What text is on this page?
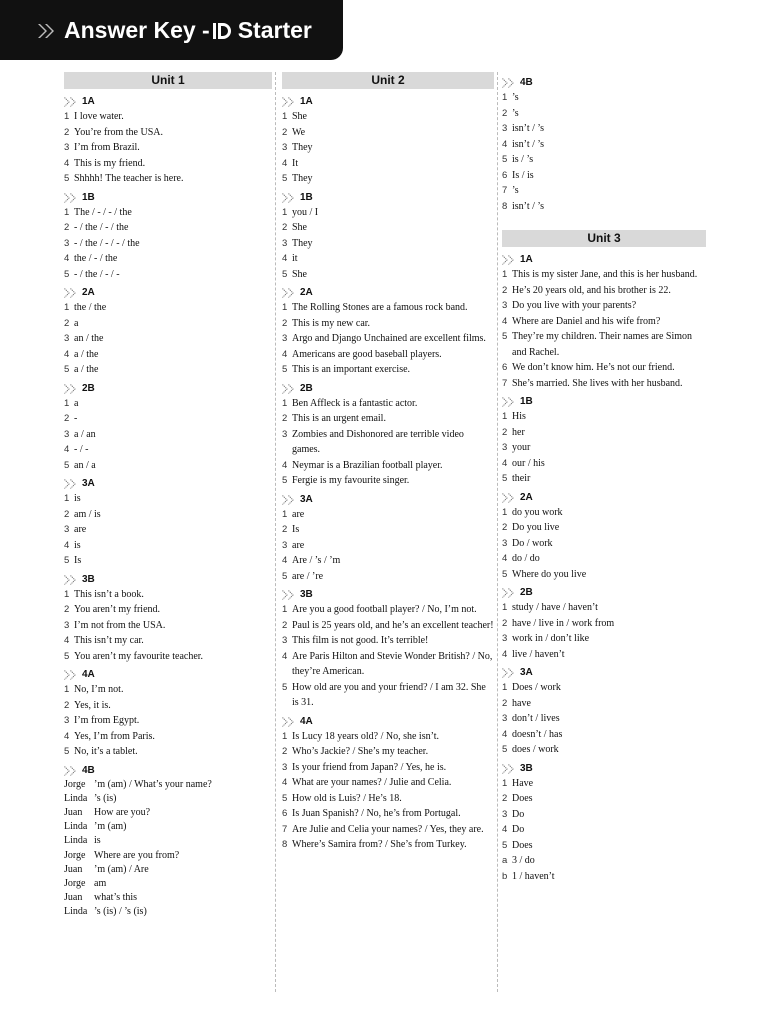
Answer Key - Starter
Unit 1
1A
1 I love water.
2 You’re from the USA.
3 I’m from Brazil.
4 This is my friend.
5 Shhhh! The teacher is here.
1B
1 The / - / - / the
2 - / the / - / the
3 - / the / - / - / the
4 the / - / the
5 - / the / - / -
2A
1 the / the
2 a
3 an / the
4 a / the
5 a / the
2B
1 a
2 -
3 a / an
4 - / -
5 an / a
3A
1 is
2 am / is
3 are
4 is
5 Is
3B
1 This isn’t a book.
2 You aren’t my friend.
3 I’m not from the USA.
4 This isn’t my car.
5 You aren’t my favourite teacher.
4A
1 No, I’m not.
2 Yes, it is.
3 I’m from Egypt.
4 Yes, I’m from Paris.
5 No, it’s a tablet.
4B
Jorge ’m (am) / What’s your name?
Linda ’s (is)
Juan	How are you?
Linda ’m (am)
Linda is
Jorge Where are you from?
Juan	’m (am) / Are
Jorge am
Juan	what’s this
Linda ’s (is) / ’s (is)
Unit 2
1A
1 She
2 We
3 They
4 It
5 They
1B
1 you / I
2 She
3 They
4 it
5 She
2A
1 The Rolling Stones are a famous rock band.
2 This is my new car.
3 Argo and Django Unchained are excellent films.
4 Americans are good baseball players.
5 This is an important exercise.
2B
1 Ben Affleck is a fantastic actor.
2 This is an urgent email.
3 Zombies and Dishonored are terrible video games.
4 Neymar is a Brazilian football player.
5 Fergie is my favourite singer.
3A
1 are
2 Is
3 are
4 Are / ’s / ’m
5 are / ’re
3B
1 Are you a good football player? / No, I’m not.
2 Paul is 25 years old, and he’s an excellent teacher!
3 This film is not good. It’s terrible!
4 Are Paris Hilton and Stevie Wonder British? / No, they’re American.
5 How old are you and your friend? / I am 32. She is 31.
4A
1 Is Lucy 18 years old? / No, she isn’t.
2 Who’s Jackie? / She’s my teacher.
3 Is your friend from Japan? / Yes, he is.
4 What are your names? / Julie and Celia.
5 How old is Luis? / He’s 18.
6 Is Juan Spanish? / No, he’s from Portugal.
7 Are Julie and Celia your names? / Yes, they are.
8 Where’s Samira from? / She’s from Turkey.
4B
1 ’s
2 ’s
3 isn’t / ’s
4 isn’t / ’s
5 is / ’s
6 Is / is
7 ’s
8 isn’t / ’s
Unit 3
1A
1 This is my sister Jane, and this is her husband.
2 He’s 20 years old, and his brother is 22.
3 Do you live with your parents?
4 Where are Daniel and his wife from?
5 They’re my children. Their names are Simon and Rachel.
6 We don’t know him. He’s not our friend.
7 She’s married. She lives with her husband.
1B
1 His
2 her
3 your
4 our / his
5 their
2A
1 do you work
2 Do you live
3 Do / work
4 do / do
5 Where do you live
2B
1 study / have / haven’t
2 have / live in / work from
3 work in / don’t like
4 live / haven’t
3A
1 Does / work
2 have
3 don’t / lives
4 doesn’t / has
5 does / work
3B
1 Have
2 Does
3 Do
4 Do
5 Does
a 3 / do
b 1 / haven’t
